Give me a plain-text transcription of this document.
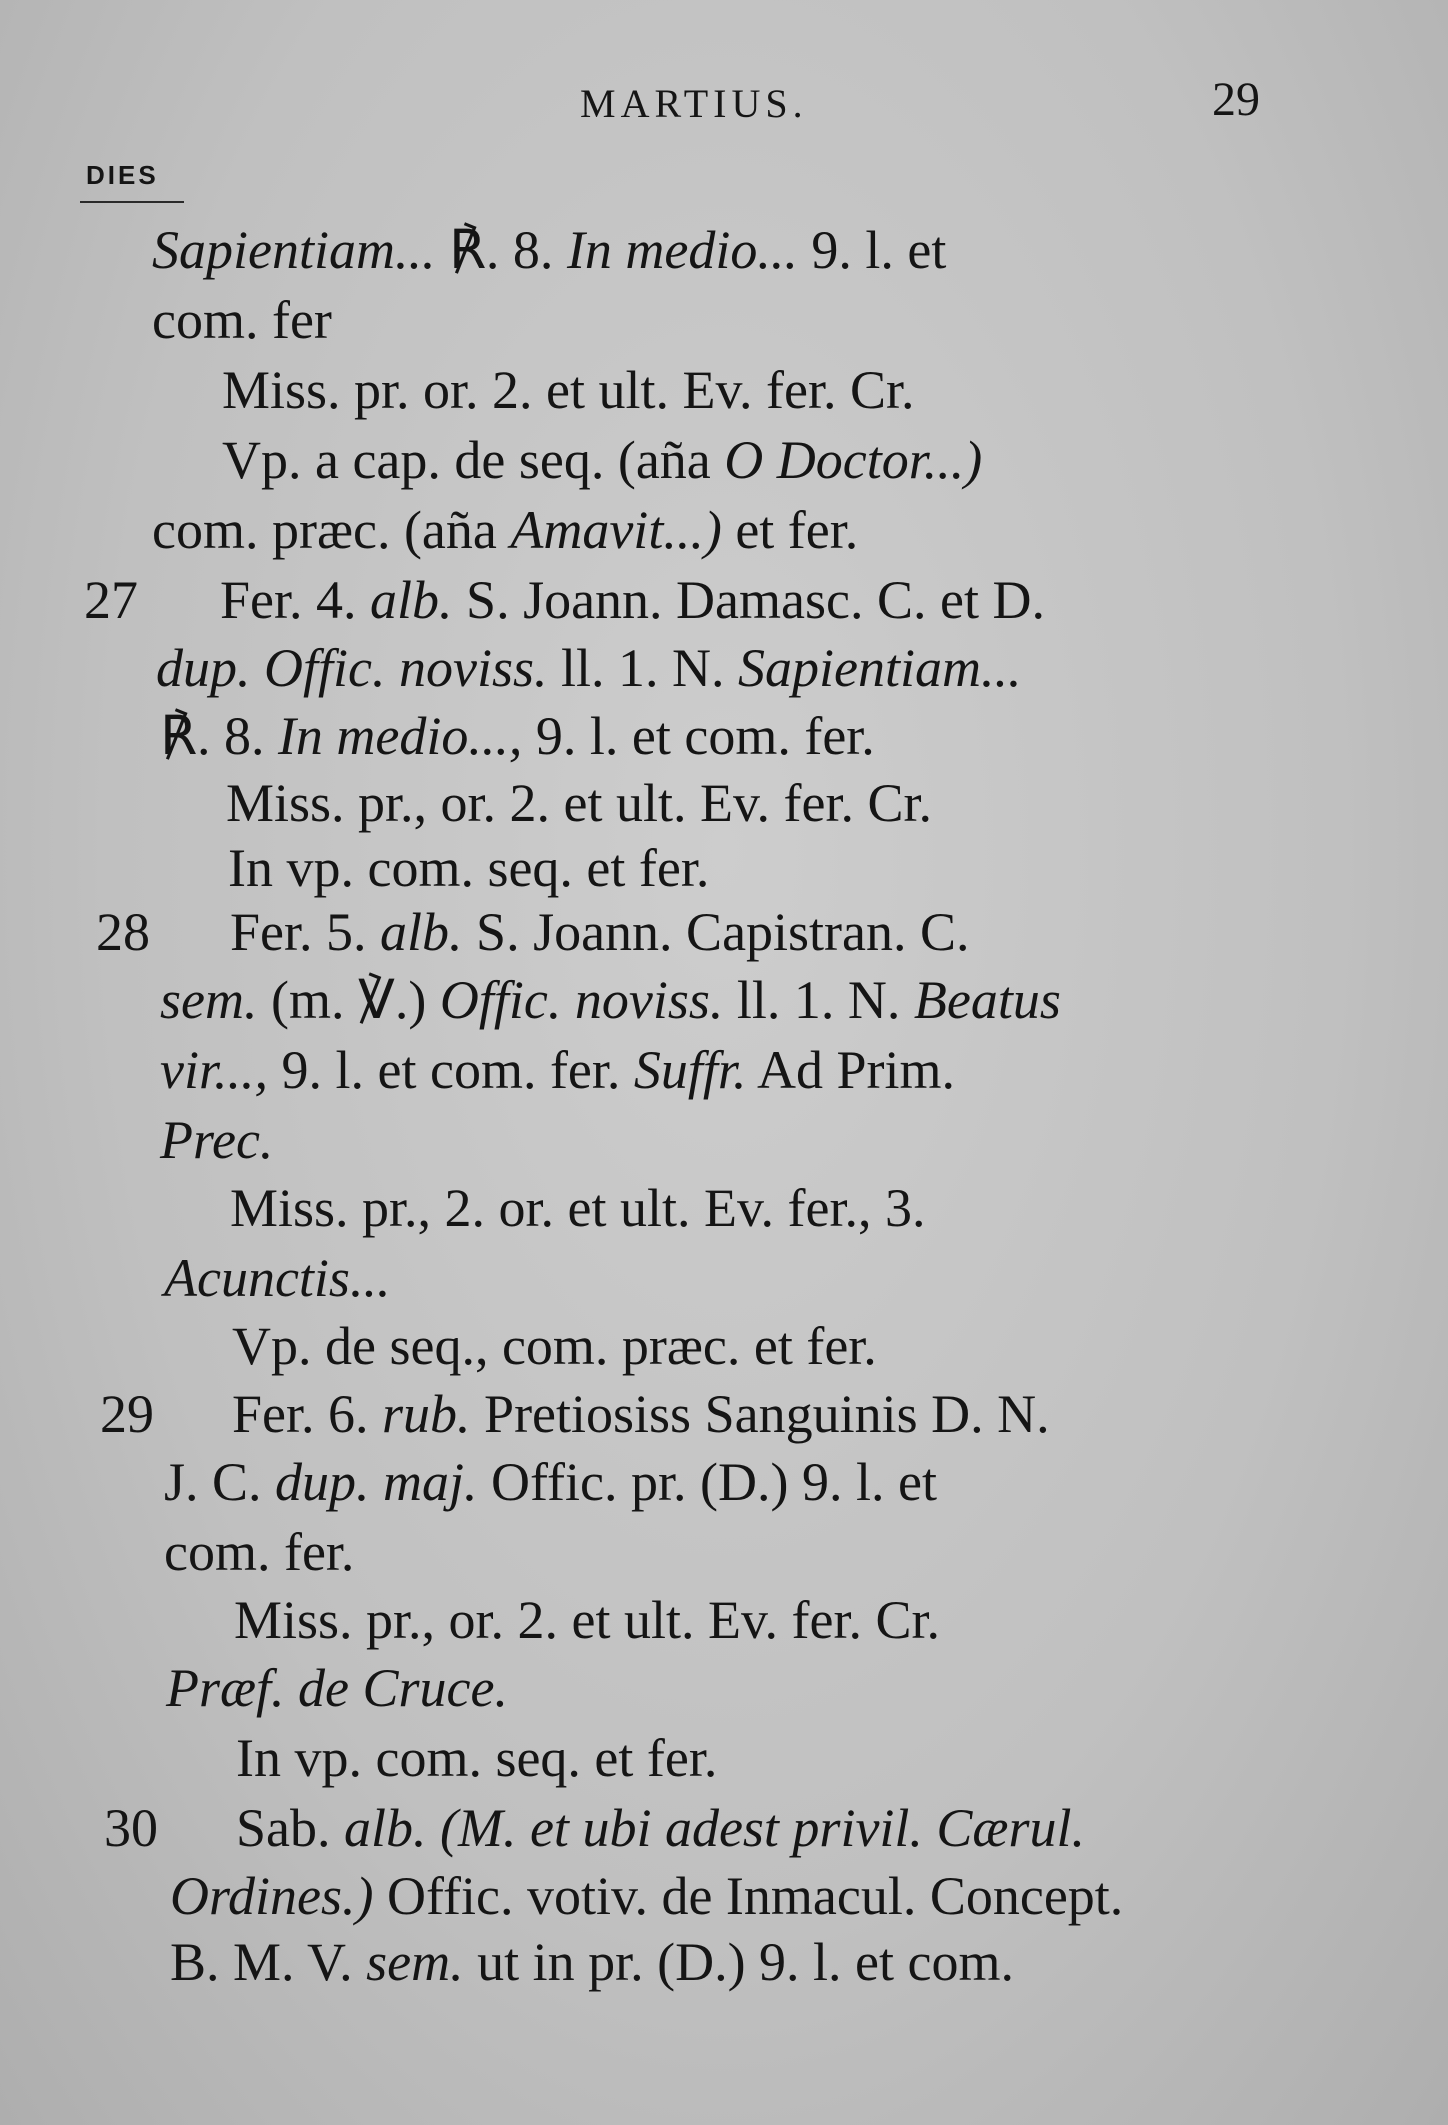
MARTIUS.	29
DIES
27
28
29
30
Sapientiam... ℟. 8. In medio... 9. l. et
com. fer
Miss. pr. or. 2. et ult. Ev. fer. Cr.
Vp. a cap. de seq. (aña O Doctor...)
com. præc. (aña Amavit...) et fer.
Fer. 4. alb. S. Joann. Damasc. C. et D.
dup. Offic. noviss. ll. 1. N. Sapientiam...
℟. 8. In medio..., 9. l. et com. fer.
Miss. pr., or. 2. et ult. Ev. fer. Cr.
In vp. com. seq. et fer.
Fer. 5. alb. S. Joann. Capistran. C.
sem. (m. ℣.) Offic. noviss. ll. 1. N. Beatus
vir..., 9. l. et com. fer. Suffr. Ad Prim.
Prec.
Miss. pr., 2. or. et ult. Ev. fer., 3.
Acunctis...
Vp. de seq., com. præc. et fer.
Fer. 6. rub. Pretiosiss Sanguinis D. N.
J. C. dup. maj. Offic. pr. (D.) 9. l. et
com. fer.
Miss. pr., or. 2. et ult. Ev. fer. Cr.
Præf. de Cruce.
In vp. com. seq. et fer.
Sab. alb. (M. et ubi adest privil. Cærul.
Ordines.) Offic. votiv. de Inmacul. Concept.
B. M. V. sem. ut in pr. (D.) 9. l. et com.
